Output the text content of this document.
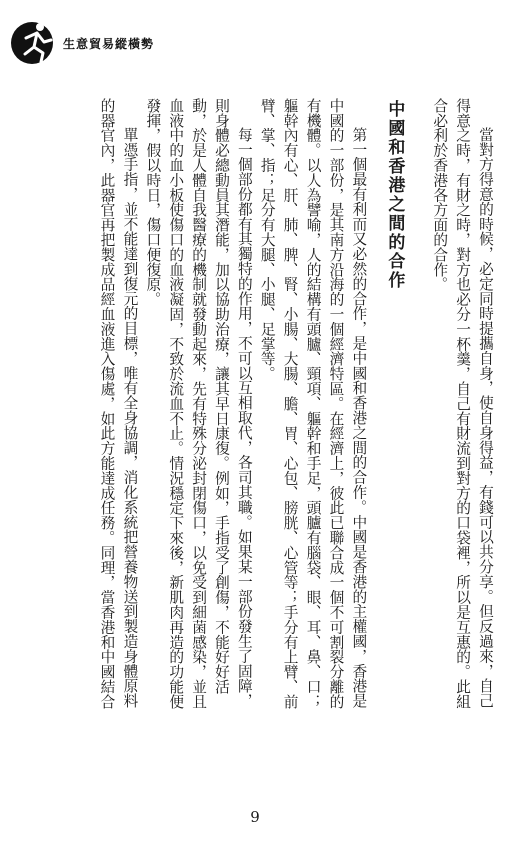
生意貿易縱橫勢
當對方得意的時候，必定同時提攜自身，使自身得益，有錢可以共分享。但反過來，自己
得意之時，有財之時，對方也必分一杯羹，自己有財流到對方的口袋裡，所以是互惠的。此組
合必利於香港各方面的合作。
中國和香港之間的合作
第一個最有利而又必然的合作，是中國和香港之間的合作。中國是香港的主權國，香港是
中國的一部份，是其南方沿海的一個經濟特區。在經濟上，彼此已聯合成一個不可割裂分離的
有機體。以人為譬喻，人的結構有頭臚、頸項、軀幹和手足，頭臚有腦袋、眼、耳、鼻、口；
軀幹內有心、肝、肺、脾、腎、小腸、大腸、膽、胃、心包、膀胱、心管等；手分有上臂、前
臂、掌、指；足分有大腿、小腿、足掌等。
每一個部份都有其獨特的作用，不可以互相取代，各司其職。如果某一部份發生了固障，
則身體必總動員其潛能，加以協助治療，讓其早日康復。例如，手指受了創傷，不能好好活
動，於是人體自我醫療的機制就發動起來，先有特殊分泌封閉傷口，以免受到細菌感染，並且
血液中的血小板使傷口的血液凝固，不致於流血不止。情況穩定下來後，新肌肉再造的功能便
發揮，假以時日，傷口便復原。
單憑手指，並不能達到復元的目標，唯有全身協調，消化系統把營養物送到製造身體原料
的器官內，此器官再把製成品經血液進入傷處，如此方能達成任務。同理，當香港和中國結合
9
